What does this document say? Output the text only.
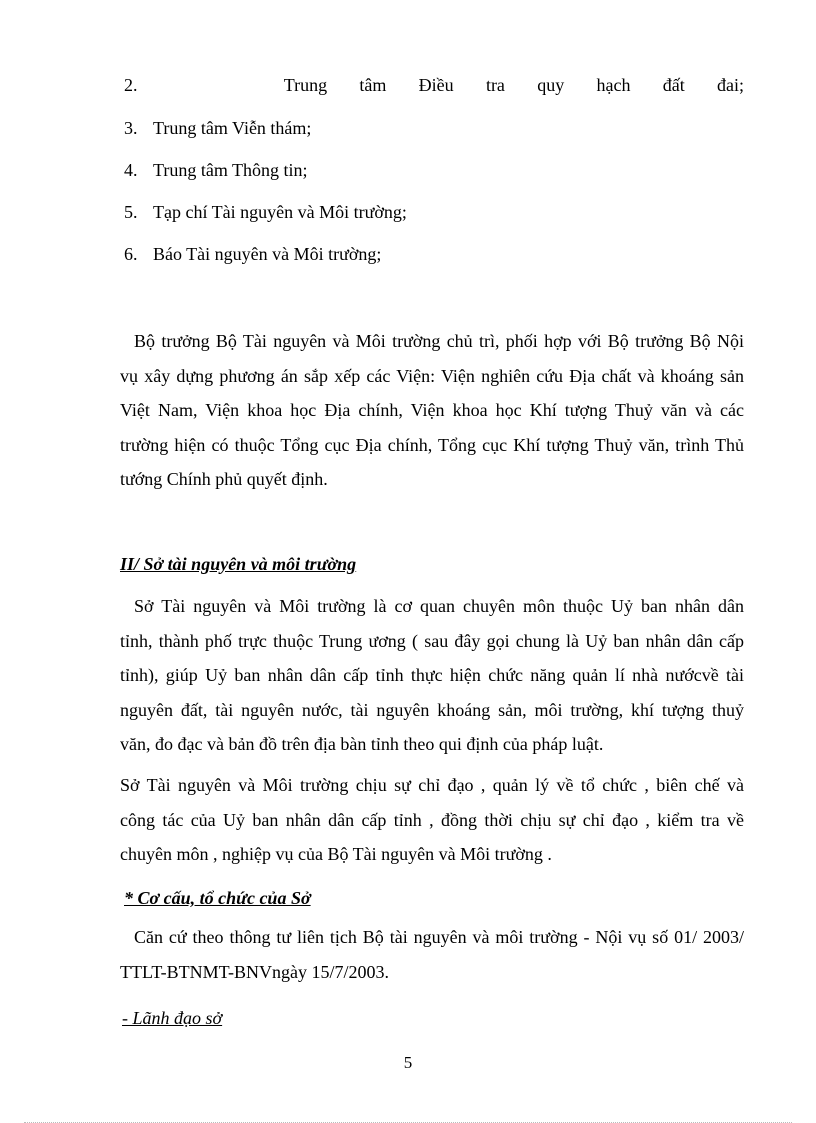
2.	Trung tâm Điều tra quy hạch đất đai;
3. Trung tâm Viễn thám;
4. Trung tâm Thông tin;
5. Tạp chí Tài nguyên và Môi trường;
6. Báo Tài nguyên và Môi trường;
Bộ trưởng Bộ Tài nguyên và Môi trường chủ trì, phối hợp với Bộ trưởng Bộ Nội
vụ xây dựng phương án sắp xếp các Viện: Viện nghiên cứu Địa chất và khoáng sản
Việt Nam, Viện khoa học Địa chính, Viện khoa học Khí tượng Thuỷ văn và các
trường hiện có thuộc Tổng cục Địa chính, Tổng cục Khí tượng Thuỷ văn, trình Thủ
tướng Chính phủ quyết định.
II/ Sở tài nguyên và môi trường
Sở Tài nguyên và Môi trường là cơ quan chuyên môn thuộc Uỷ ban nhân dân
tỉnh, thành phố trực thuộc Trung ương ( sau đây gọi chung là Uỷ ban nhân dân cấp
tỉnh), giúp Uỷ ban nhân dân cấp tỉnh thực hiện chức năng quản lí nhà nướcvề tài
nguyên đất, tài nguyên nước, tài nguyên khoáng sản, môi trường, khí tượng thuỷ
văn, đo đạc và bản đồ trên địa bàn tỉnh theo qui định của pháp luật.
Sở Tài nguyên và Môi trường chịu sự chỉ đạo , quản lý về tổ chức , biên chế và
công tác của Uỷ ban nhân dân cấp tỉnh , đồng thời chịu sự chỉ đạo , kiểm tra về
chuyên môn , nghiệp vụ của Bộ Tài nguyên và Môi trường .
* Cơ cấu, tổ chức của Sở
Căn cứ theo thông tư liên tịch Bộ tài nguyên và môi trường - Nội vụ số 01/ 2003/
TTLT-BTNMT-BNVngày 15/7/2003.
- Lãnh đạo sở
5
